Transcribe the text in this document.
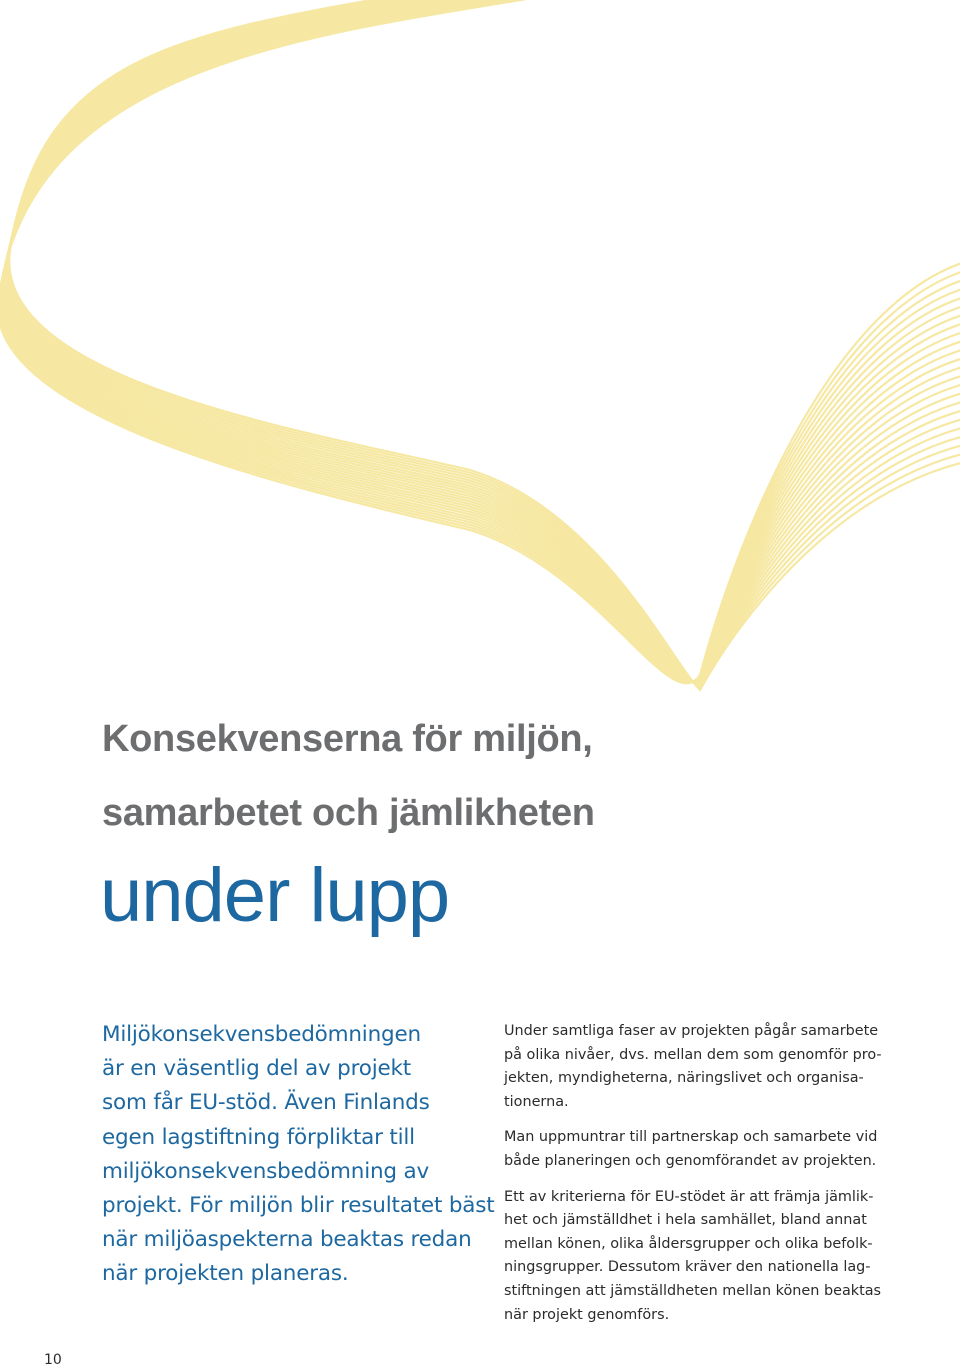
Konsekvenserna för miljön,
samarbetet och jämlikheten
under lupp
Miljökonsekvensbedömningen
är en väsentlig del av projekt
som får EU-stöd. Även Finlands
egen lagstiftning förpliktar till
miljökonsekvensbedömning av
projekt. För miljön blir resultatet bäst
när miljöaspekterna beaktas redan
när projekten planeras.

Under samtliga faser av projekten pågår samarbete
på olika nivåer, dvs. mellan dem som genomför pro-
jekten, myndigheterna, näringslivet och organisa-
tionerna.

Man uppmuntrar till partnerskap och samarbete vid
både planeringen och genomförandet av projekten.

Ett av kriterierna för EU-stödet är att främja jämlik-
het och jämställdhet i hela samhället, bland annat
mellan könen, olika åldersgrupper och olika befolk-
ningsgrupper. Dessutom kräver den nationella lag-
stiftningen att jämställdheten mellan könen beaktas
när projekt genomförs.

10
